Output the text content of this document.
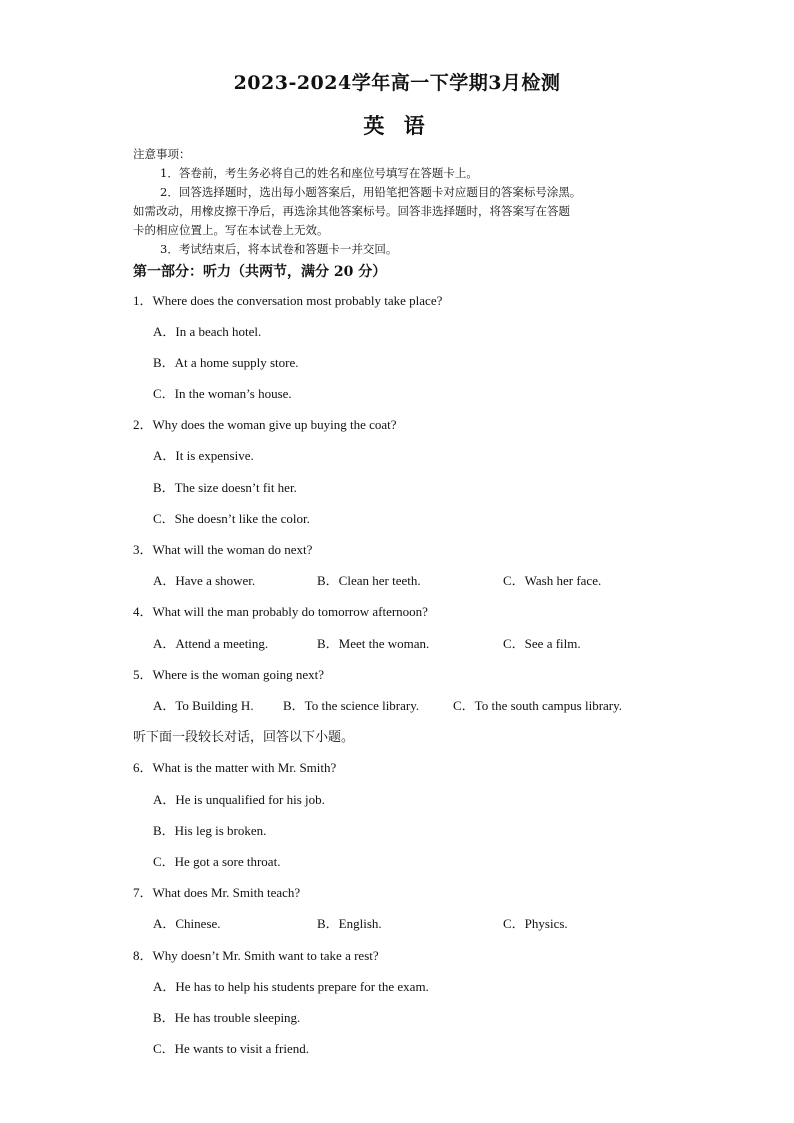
2023-2024学年高一下学期3月检测
英 语
注意事项：
1．答卷前，考生务必将自己的姓名和座位号填写在答题卡上。
2．回答选择题时，选出每小题答案后，用铅笔把答题卡对应题目的答案标号涂黑。
如需改动，用橡皮擦干净后，再选涂其他答案标号。回答非选择题时，将答案写在答题
卡的相应位置上。写在本试卷上无效。
3．考试结束后，将本试卷和答题卡一并交回。
第一部分：听力（共两节，满分 20 分）
1．Where does the conversation most probably take place?
A．In a beach hotel.
B．At a home supply store.
C．In the woman’s house.
2．Why does the woman give up buying the coat?
A．It is expensive.
B．The size doesn’t fit her.
C．She doesn’t like the color.
3．What will the woman do next?
A．Have a shower.	B．Clean her teeth.	C．Wash her face.
4．What will the man probably do tomorrow afternoon?
A．Attend a meeting.	B．Meet the woman.	C．See a film.
5．Where is the woman going next?
A．To Building H. B．To the science library.	C．To the south campus library.
听下面一段较长对话，回答以下小题。
6．What is the matter with Mr. Smith?
A．He is unqualified for his job.
B．His leg is broken.
C．He got a sore throat.
7．What does Mr. Smith teach?
A．Chinese.	B．English.	C．Physics.
8．Why doesn’t Mr. Smith want to take a rest?
A．He has to help his students prepare for the exam.
B．He has trouble sleeping.
C．He wants to visit a friend.
